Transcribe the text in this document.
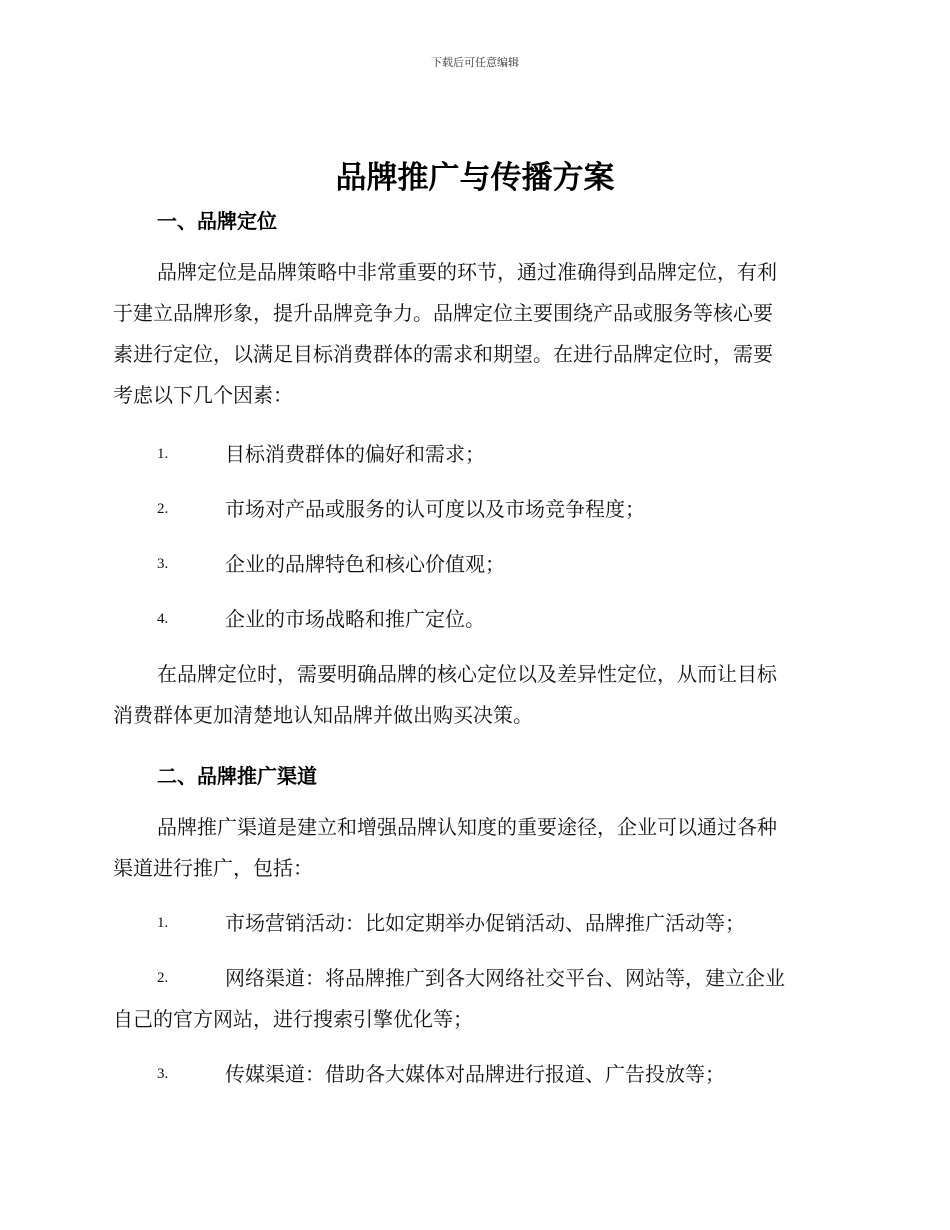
下载后可任意编辑
品牌推广与传播方案
一、品牌定位
品牌定位是品牌策略中非常重要的环节，通过准确得到品牌定位，有利
于建立品牌形象，提升品牌竞争力。品牌定位主要围绕产品或服务等核心要
素进行定位，以满足目标消费群体的需求和期望。在进行品牌定位时，需要
考虑以下几个因素：
1.	目标消费群体的偏好和需求；
2.	市场对产品或服务的认可度以及市场竞争程度；
3.	企业的品牌特色和核心价值观；
4.	企业的市场战略和推广定位。
在品牌定位时，需要明确品牌的核心定位以及差异性定位，从而让目标
消费群体更加清楚地认知品牌并做出购买决策。
二、品牌推广渠道
品牌推广渠道是建立和增强品牌认知度的重要途径，企业可以通过各种
渠道进行推广，包括：
1.	市场营销活动：比如定期举办促销活动、品牌推广活动等；
2.	网络渠道：将品牌推广到各大网络社交平台、网站等，建立企业
自己的官方网站，进行搜索引擎优化等；
3.	传媒渠道：借助各大媒体对品牌进行报道、广告投放等；
